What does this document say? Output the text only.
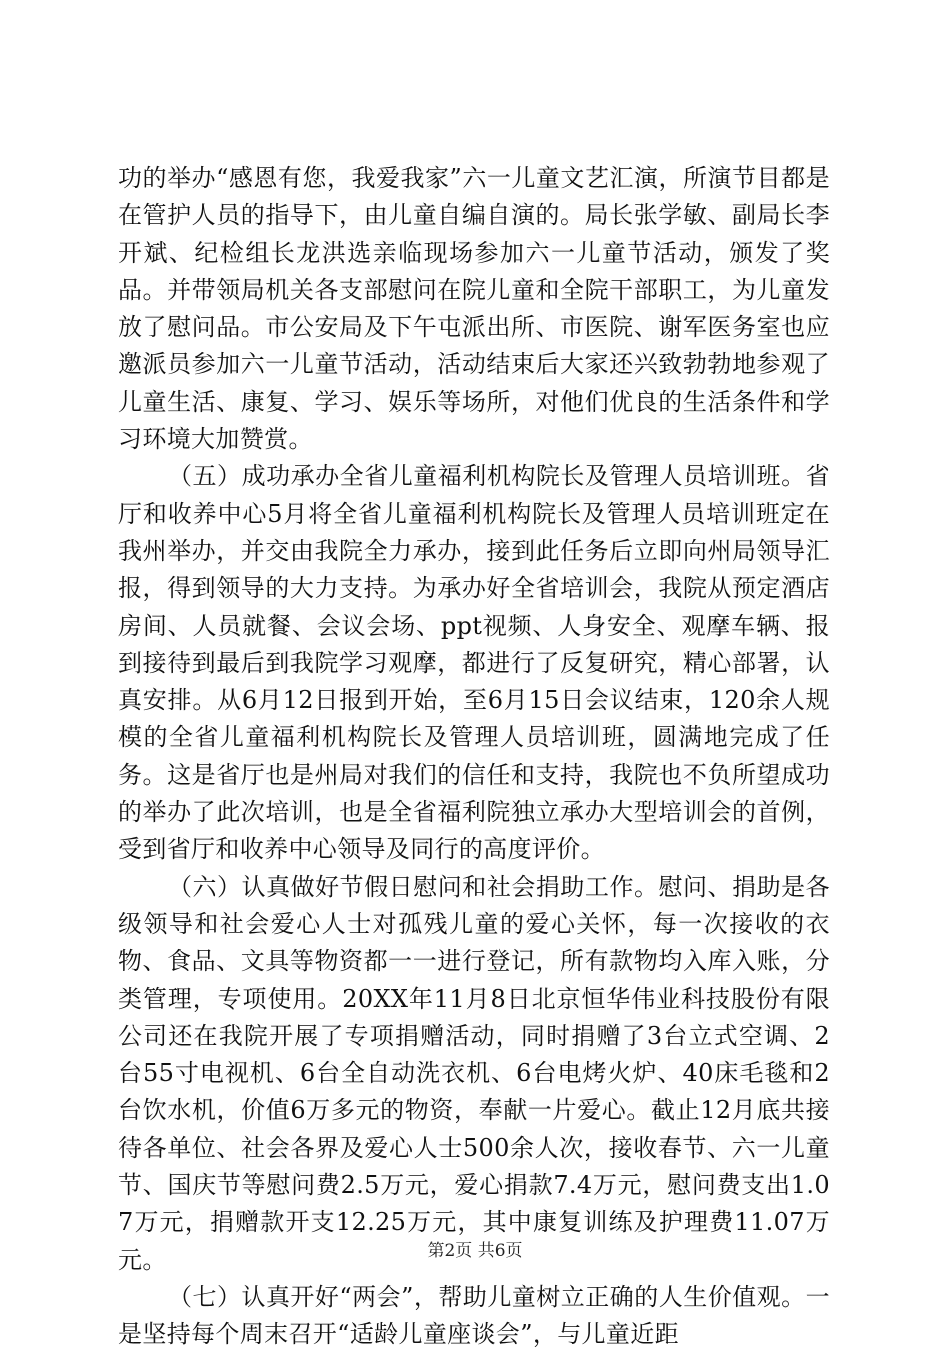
功的举办“感恩有您，我爱我家”六一儿童文艺汇演，所演节目都是在管护人员的指导下，由儿童自编自演的。局长张学敏、副局长李开斌、纪检组长龙洪选亲临现场参加六一儿童节活动，颁发了奖品。并带领局机关各支部慰问在院儿童和全院干部职工，为儿童发放了慰问品。市公安局及下午屯派出所、市医院、谢军医务室也应邀派员参加六一儿童节活动，活动结束后大家还兴致勃勃地参观了儿童生活、康复、学习、娱乐等场所，对他们优良的生活条件和学习环境大加赞赏。

（五）成功承办全省儿童福利机构院长及管理人员培训班。省厅和收养中心5月将全省儿童福利机构院长及管理人员培训班定在我州举办，并交由我院全力承办，接到此任务后立即向州局领导汇报，得到领导的大力支持。为承办好全省培训会，我院从预定酒店房间、人员就餐、会议会场、ppt视频、人身安全、观摩车辆、报到接待到最后到我院学习观摩，都进行了反复研究，精心部署，认真安排。从6月12日报到开始，至6月15日会议结束，120余人规模的全省儿童福利机构院长及管理人员培训班，圆满地完成了任务。这是省厅也是州局对我们的信任和支持，我院也不负所望成功的举办了此次培训，也是全省福利院独立承办大型培训会的首例，受到省厅和收养中心领导及同行的高度评价。

（六）认真做好节假日慰问和社会捐助工作。慰问、捐助是各级领导和社会爱心人士对孤残儿童的爱心关怀，每一次接收的衣物、食品、文具等物资都一一进行登记，所有款物均入库入账，分类管理，专项使用。20XX年11月8日北京恒华伟业科技股份有限公司还在我院开展了专项捐赠活动，同时捐赠了3台立式空调、2台55寸电视机、6台全自动洗衣机、6台电烤火炉、40床毛毯和2台饮水机，价值6万多元的物资，奉献一片爱心。截止12月底共接待各单位、社会各界及爱心人士500余人次，接收春节、六一儿童节、国庆节等慰问费2.5万元，爱心捐款7.4万元，慰问费支出1.07万元，捐赠款开支12.25万元，其中康复训练及护理费11.07万元。

（七）认真开好“两会”，帮助儿童树立正确的人生价值观。一是坚持每个周末召开“适龄儿童座谈会”，与儿童近距

第2页 共6页
